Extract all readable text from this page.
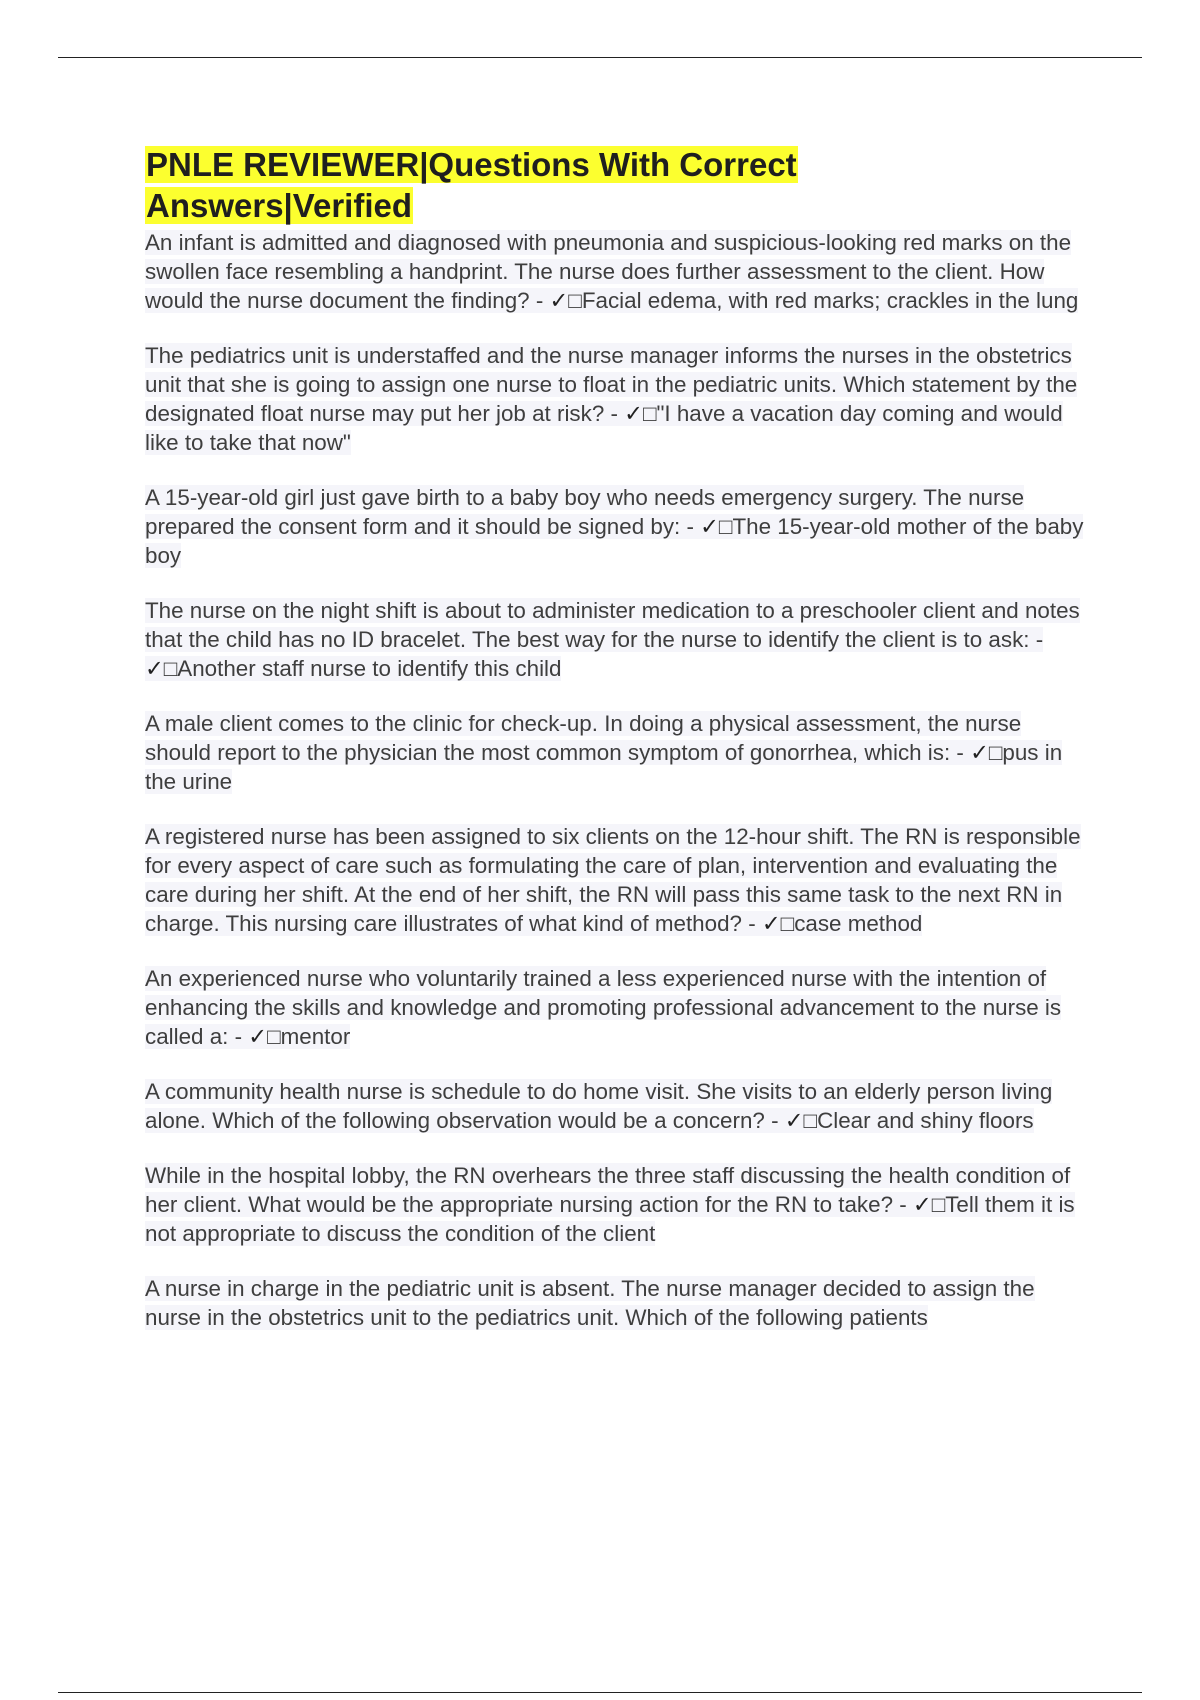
PNLE REVIEWER|Questions With Correct Answers|Verified

An infant is admitted and diagnosed with pneumonia and suspicious-looking red marks on the swollen face resembling a handprint. The nurse does further assessment to the client. How would the nurse document the finding? - ✓□Facial edema, with red marks; crackles in the lung

The pediatrics unit is understaffed and the nurse manager informs the nurses in the obstetrics unit that she is going to assign one nurse to float in the pediatric units. Which statement by the designated float nurse may put her job at risk? - ✓□"I have a vacation day coming and would like to take that now"

A 15-year-old girl just gave birth to a baby boy who needs emergency surgery. The nurse prepared the consent form and it should be signed by: - ✓□The 15-year-old mother of the baby boy

The nurse on the night shift is about to administer medication to a preschooler client and notes that the child has no ID bracelet. The best way for the nurse to identify the client is to ask: - ✓□Another staff nurse to identify this child

A male client comes to the clinic for check-up. In doing a physical assessment, the nurse should report to the physician the most common symptom of gonorrhea, which is: - ✓□pus in the urine

A registered nurse has been assigned to six clients on the 12-hour shift. The RN is responsible for every aspect of care such as formulating the care of plan, intervention and evaluating the care during her shift. At the end of her shift, the RN will pass this same task to the next RN in charge. This nursing care illustrates of what kind of method? - ✓□case method

An experienced nurse who voluntarily trained a less experienced nurse with the intention of enhancing the skills and knowledge and promoting professional advancement to the nurse is called a: - ✓□mentor

A community health nurse is schedule to do home visit. She visits to an elderly person living alone. Which of the following observation would be a concern? - ✓□Clear and shiny floors

While in the hospital lobby, the RN overhears the three staff discussing the health condition of her client. What would be the appropriate nursing action for the RN to take? - ✓□Tell them it is not appropriate to discuss the condition of the client

A nurse in charge in the pediatric unit is absent. The nurse manager decided to assign the nurse in the obstetrics unit to the pediatrics unit. Which of the following patients
